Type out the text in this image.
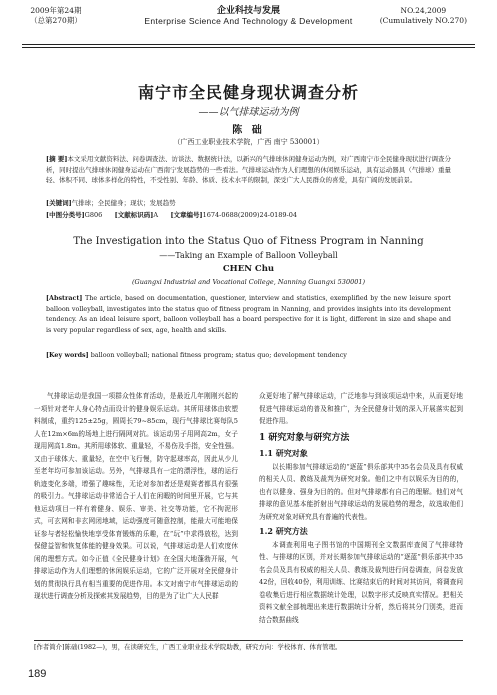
2009年第24期
（总第270期）
企业科技与发展
Enterprise Science And Technology & Development
NO.24,2009
(Cumulatively NO.270)
南宁市全民健身现状调查分析
——以气排球运动为例
陈 础
（广西工业职业技术学院，广西 南宁 530001）
[摘 要]本文采用文献资料法、问卷调查法、访谈法、数据统计法，以新兴的气排球休闲健身运动为例，对广西南宁市全民健身现状进行调查分析，同时提出气排球休闲健身运动在广西南宁发展趋势的一些看法。气排球运动作为人们理想的休闲娱乐运动，具有运动器具（气排球）重量轻、体积不同、球体多样化的特性，不受性别、年龄、体质、技术水平的限制，深受广大人民群众的喜爱，具有广阔的发展前景。
[关键词]气排球；全民健身；现状；发展趋势
[中图分类号]G806 [文献标识码]A [文章编号]1674-0688(2009)24-0189-04
The Investigation into the Status Quo of Fitness Program in Nanning
——Taking an Example of Balloon Volleyball
CHEN Chu
(Guangxi Industrial and Vocational College, Nanning Guangxi 530001)
[Abstract] The article, based on documentation, questioner, interview and statistics, exemplified by the new leisure sport balloon volleyball, investigates into the status quo of fitness program in Nanning, and provides insights into its development tendency. As an ideal leisure sport, balloon volleyball has a board perspective for it is light, different in size and shape and is very popular regardless of sex, age, health and skills.
[Key words] balloon volleyball; national fitness program; status quo; development tendency

气排球运动是我国一项群众性体育活动，是最近几年刚刚兴起的一项针对老年人身心特点而设计的健身娱乐运动。其所用球体由软塑料制成，重约125±25g，圆周长79~85cm，现行气排球比赛每队5人在12m×6m的场地上进行隔网对抗。该运动男子用网高2m，女子现用网高1.8m。其所用球体软、重量轻，不易伤及手指，安全性强。又由于球体大、重量轻，在空中飞行慢，防守起球率高，因此从少儿至老年均可参加该运动。另外，气排球具有一定的漂浮性，球的运行轨迹变化多端，增强了趣味性，无论对参加者还是观赛者都具有很强的吸引力。气排球运动非常适合于人们在闲暇的时间里开展，它与其他运动项目一样有着健身、娱乐、审美、社交等功能，它不拘泥形式，可玄网和非玄网闭地域，运动强度可随意控制，能最大可能地保证参与者轻松愉快地享受体育锻炼的乐趣，在“玩”中求得放松，达到保健益智和恢复体能的健身效果。可以说，气排球运动是人们欢度休闲的理想方式。如今正值《全民健身计划》在全国大地蓬勃开展，气排球运动作为人们理想的休闲娱乐运动，它的广泛开展对全民健身计划的贯彻执行具有相当重要的促进作用。本文对南宁市气排球运动的现状进行调查分析及探索其发展趋势，目的是为了让广大人民群

众更好地了解气排球运动，广泛地参与到该项运动中来，从而更好地促进气排球运动的普及和推广，为全民健身计划的深入开展落实起到促进作用。

1 研究对象与研究方法
1.1 研究对象

以长期参加气排球运动的“逐蓝”俱乐部其中35名会员及具有权威的相关人员、教练及裁判为研究对象。他们之中有以娱乐为目的的，也有以健身、强身为目的的。但对气排球都有自己的理解。他们对气排球的意见基本能折射出气排球运动的发展趋势的理念，故选取他们为研究对象对研究具有普遍的代表性。

1.2 研究方法

本调查利用电子图书馆的中国期刊全文数据库查阅了气排球特性、与排球的区别，并对长期参加气排球运动的“逐蓝”俱乐部其中35名会员及具有权威的相关人员、教练及裁判进行问卷调查，问卷发放42份，回收40份，利用训练、比赛结束后的时间对其访问，将调查问卷收集后进行相应数据统计处理，以数字形式反映真实情况。把相关资料文献全部梳理出来进行数据统计分析，然后将其分门别类，进而结合数据曲线

[作者简介]陈础(1982—)，男，在读研究生，广西工业职业技术学院助教，研究方向：学校体育、体育管理。
189
